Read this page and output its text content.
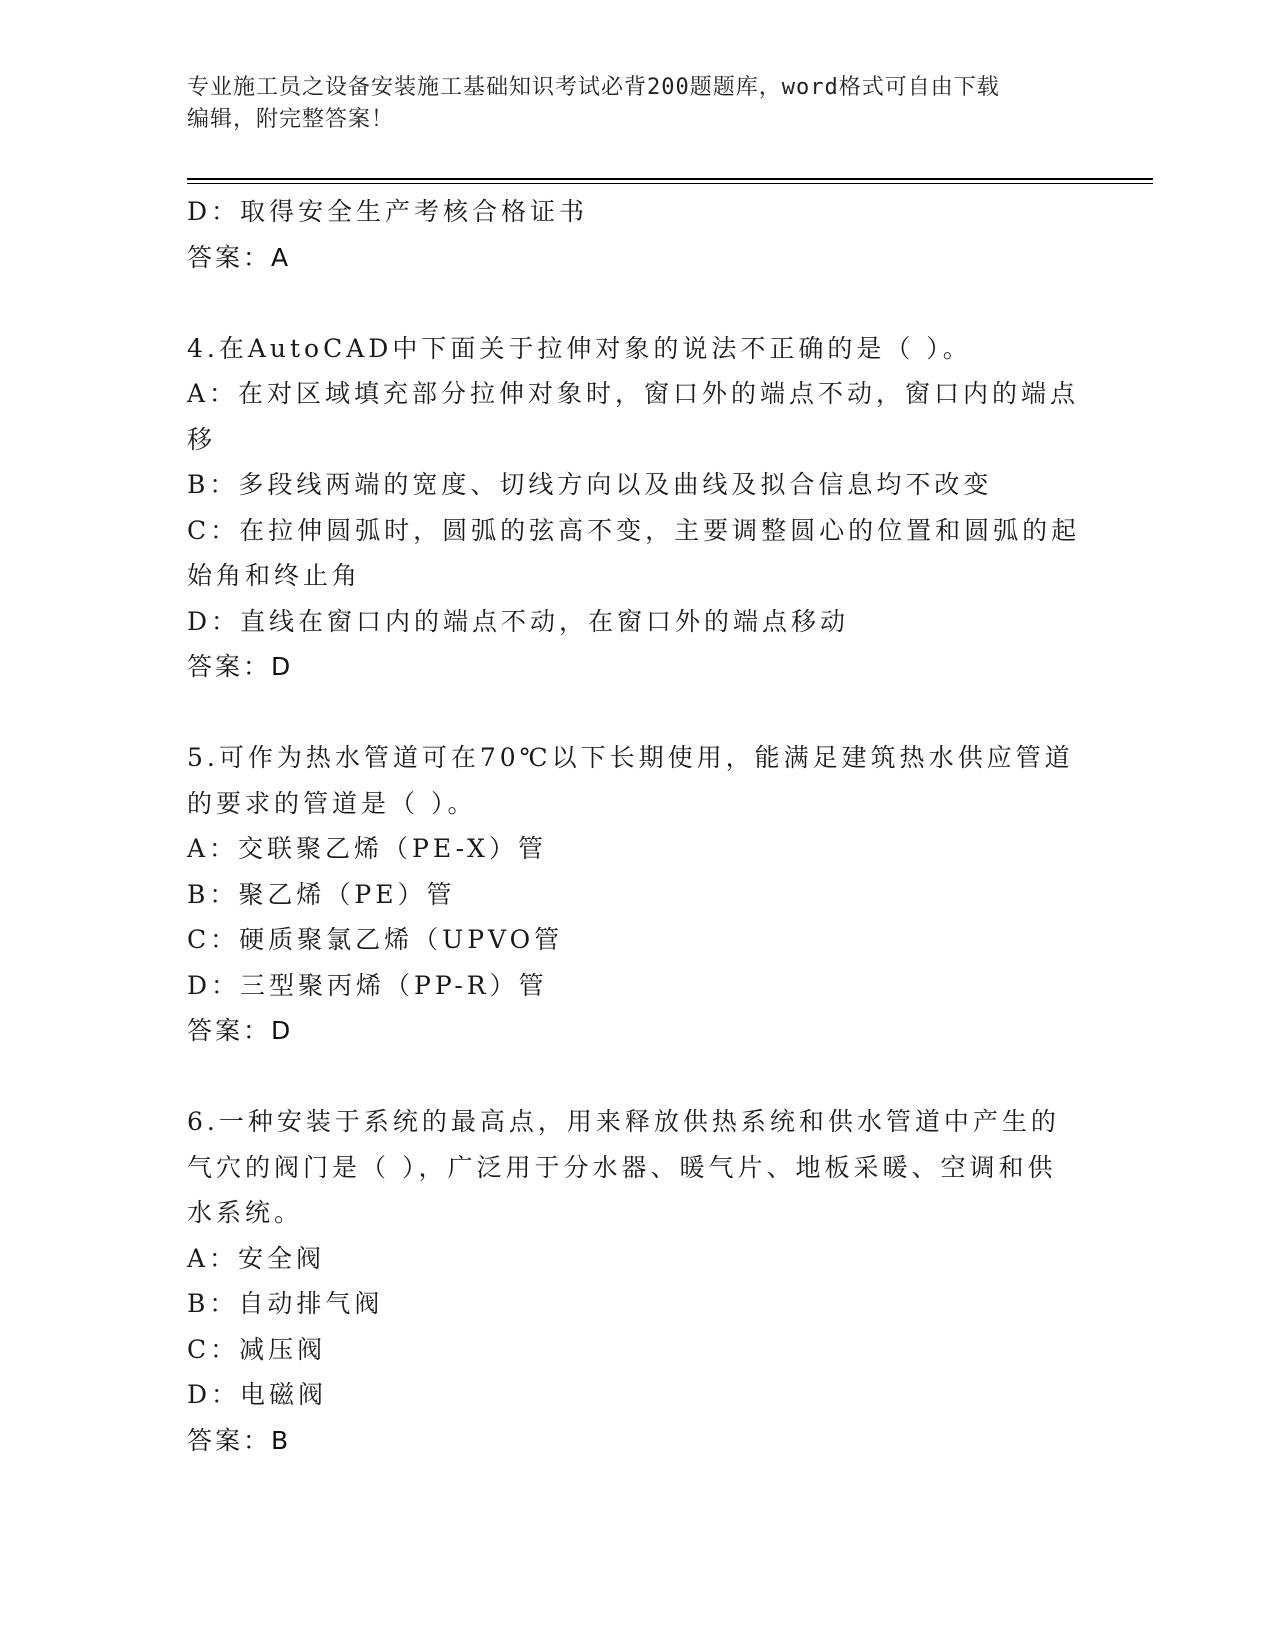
专业施工员之设备安装施工基础知识考试必背200题题库，word格式可自由下载
编辑，附完整答案！
D：取得安全生产考核合格证书
答案：A
4.在AutoCAD中下面关于拉伸对象的说法不正确的是（ ）。
A：在对区域填充部分拉伸对象时，窗口外的端点不动，窗口内的端点
移
B：多段线两端的宽度、切线方向以及曲线及拟合信息均不改变
C：在拉伸圆弧时，圆弧的弦高不变，主要调整圆心的位置和圆弧的起
始角和终止角
D：直线在窗口内的端点不动，在窗口外的端点移动
答案：D
5.可作为热水管道可在70℃以下长期使用，能满足建筑热水供应管道
的要求的管道是（ ）。
A：交联聚乙烯（PE-X）管
B：聚乙烯（PE）管
C：硬质聚氯乙烯（UPVO管
D：三型聚丙烯（PP-R）管
答案：D
6.一种安装于系统的最高点，用来释放供热系统和供水管道中产生的
气穴的阀门是（ ），广泛用于分水器、暖气片、地板采暖、空调和供
水系统。
A：安全阀
B：自动排气阀
C：减压阀
D：电磁阀
答案：B
